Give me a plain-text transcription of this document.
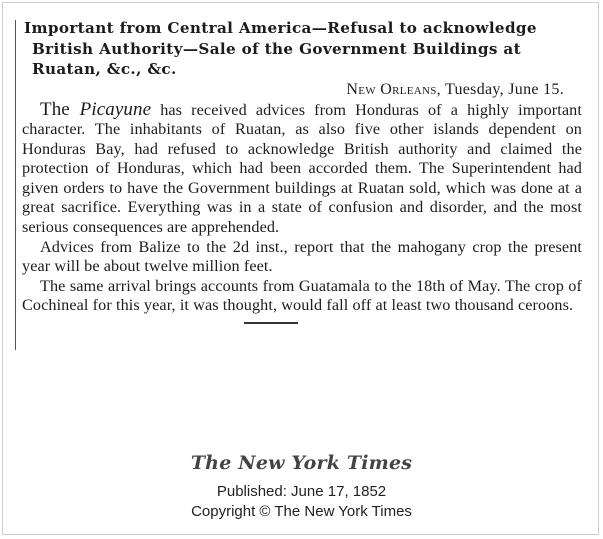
Important from Central America—Refusal to acknowledge British Authority—Sale of the Government Buildings at Ruatan, &c., &c.

New Orleans, Tuesday, June 15.

The Picayune has received advices from Honduras of a highly important character. The inhabitants of Ruatan, as also five other islands dependent on Honduras Bay, had refused to acknowledge British authority and claimed the protection of Honduras, which had been accorded them. The Superintendent had given orders to have the Government buildings at Ruatan sold, which was done at a great sacrifice. Everything was in a state of confusion and disorder, and the most serious consequences are apprehended.

Advices from Balize to the 2d inst., report that the mahogany crop the present year will be about twelve million feet.

The same arrival brings accounts from Guatamala to the 18th of May. The crop of Cochineal for this year, it was thought, would fall off at least two thousand ceroons.

The New York Times

Published: June 17, 1852

Copyright © The New York Times
